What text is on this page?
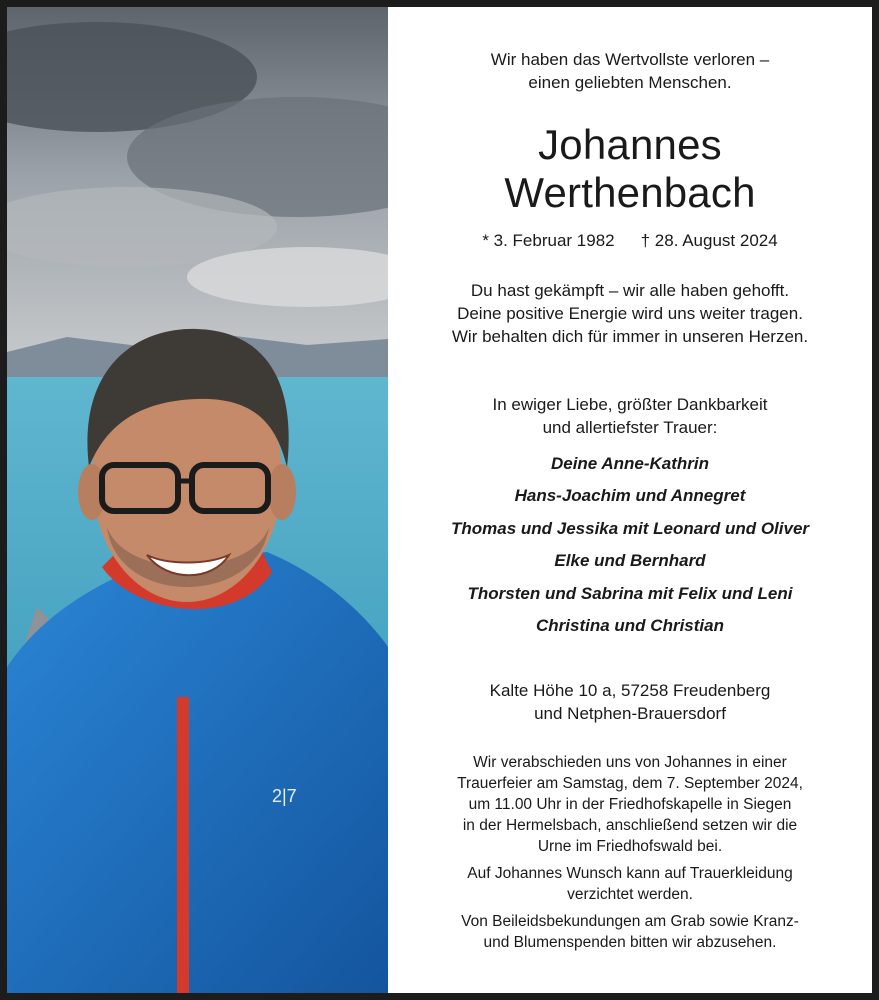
2|7
Wir haben das Wertvollste verloren –
einen geliebten Menschen.
Johannes
Werthenbach
* 3. Februar 1982 † 28. August 2024
Du hast gekämpft – wir alle haben gehofft.
Deine positive Energie wird uns weiter tragen.
Wir behalten dich für immer in unseren Herzen.
In ewiger Liebe, größter Dankbarkeit
und allertiefster Trauer:
Deine Anne-Kathrin
Hans-Joachim und Annegret
Thomas und Jessika mit Leonard und Oliver
Elke und Bernhard
Thorsten und Sabrina mit Felix und Leni
Christina und Christian
Kalte Höhe 10 a, 57258 Freudenberg
und Netphen-Brauersdorf
Wir verabschieden uns von Johannes in einer
Trauerfeier am Samstag, dem 7. September 2024,
um 11.00 Uhr in der Friedhofskapelle in Siegen
in der Hermelsbach, anschließend setzen wir die
Urne im Friedhofswald bei.
Auf Johannes Wunsch kann auf Trauerkleidung
verzichtet werden.
Von Beileidsbekundungen am Grab sowie Kranz-
und Blumenspenden bitten wir abzusehen.
